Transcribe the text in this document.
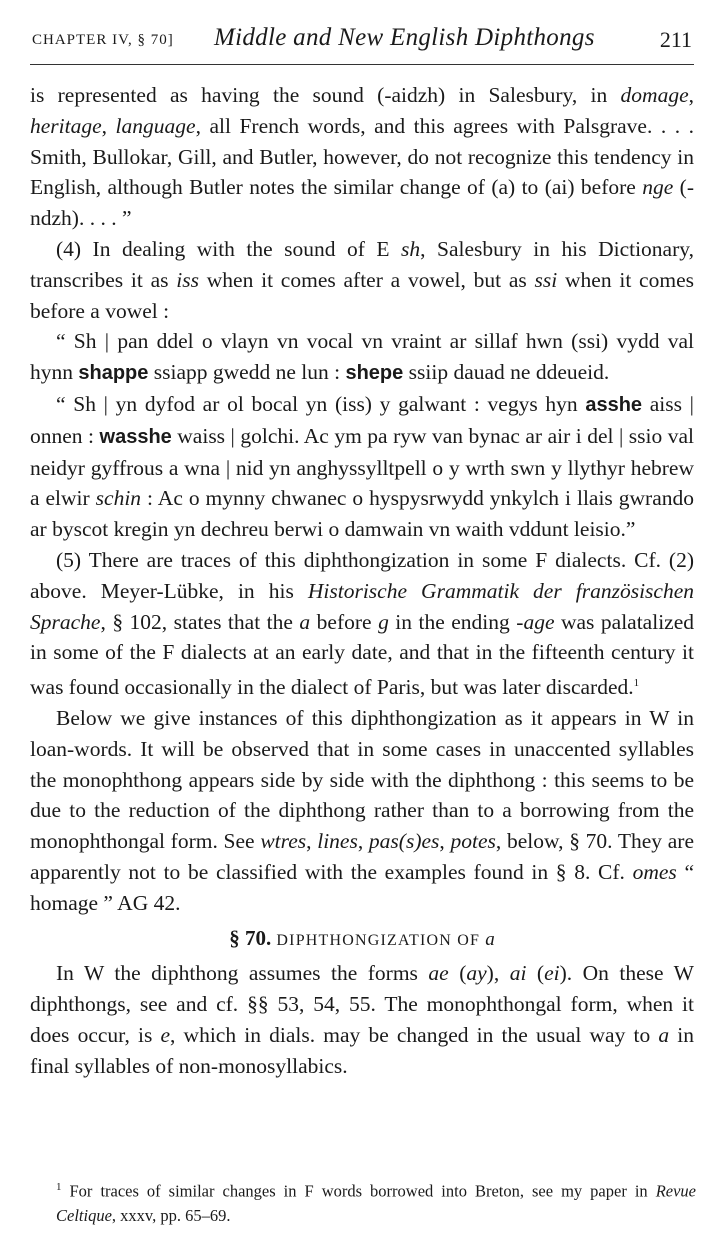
CHAPTER IV, § 70] Middle and New English Diphthongs	211

is represented as having the sound (-aidzh) in Salesbury, in domage, heritage, language, all French words, and this agrees with Palsgrave. . . . Smith, Bullokar, Gill, and Butler, however, do not recognize this tendency in English, although Butler notes the similar change of (a) to (ai) before nge (-ndzh). . . . ”

(4) In dealing with the sound of E sh, Salesbury in his Dictionary, transcribes it as iss when it comes after a vowel, but as ssi when it comes before a vowel :

“ Sh | pan ddel o vlayn vn vocal vn vraint ar sillaf hwn (ssi) vydd val hynn shappe ssiapp gwedd ne lun : shepe ssiip dauad ne ddeueid.

“ Sh | yn dyfod ar ol bocal yn (iss) y galwant : vegys hyn asshe aiss | onnen : wasshe waiss | golchi. Ac ym pa ryw van bynac ar air i del | ssio val neidyr gyffrous a wna | nid yn anghyssylltpell o y wrth swn y llythyr hebrew a elwir schin : Ac o mynny chwanec o hyspysrwydd ynkylch i llais gwrando ar byscot kregin yn dechreu berwi o damwain vn waith vddunt leisio.”

(5) There are traces of this diphthongization in some F dialects. Cf. (2) above. Meyer-Lübke, in his Historische Grammatik der französischen Sprache, § 102, states that the a before g in the ending -age was palatalized in some of the F dialects at an early date, and that in the fifteenth century it was found occasionally in the dialect of Paris, but was later discarded.$^1$

Below we give instances of this diphthongization as it appears in W in loan-words. It will be observed that in some cases in unaccented syllables the monophthong appears side by side with the diphthong : this seems to be due to the reduction of the diphthong rather than to a borrowing from the monophthongal form. See wtres, lines, pas(s)es, potes, below, § 70. They are apparently not to be classified with the examples found in § 8. Cf. omes “ homage ” AG 42.

§ 70. DIPHTHONGIZATION OF a

In W the diphthong assumes the forms ae (ay), ai (ei). On these W diphthongs, see and cf. §§ 53, 54, 55. The monophthongal form, when it does occur, is e, which in dials. may be changed in the usual way to a in final syllables of non-monosyllabics.

$^1$ For traces of similar changes in F words borrowed into Breton, see my paper in Revue Celtique, xxxv, pp. 65–69.
